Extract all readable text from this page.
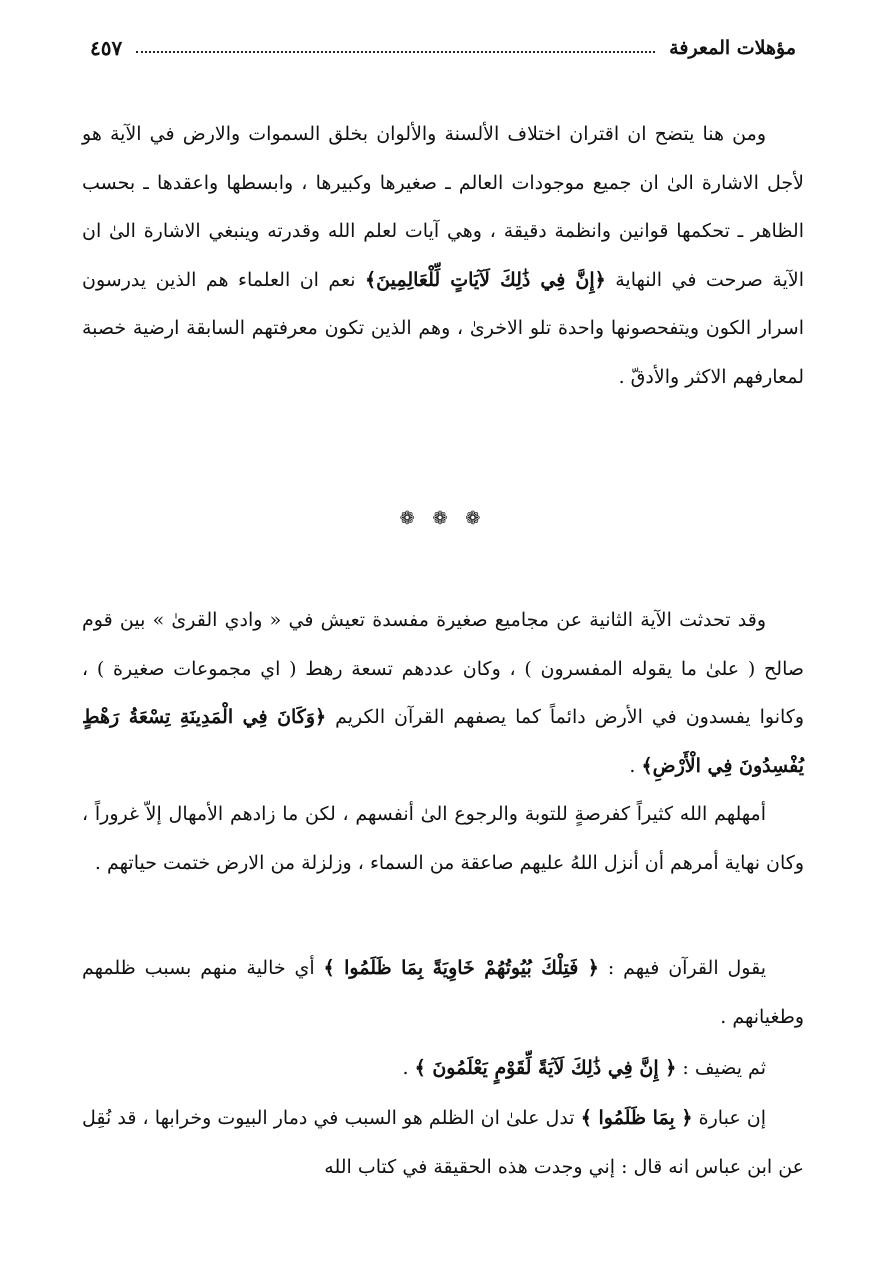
مؤهلات المعرفة
٤٥٧

ومن هنا يتضح ان اقتران اختلاف الألسنة والألوان بخلق السموات والارض في الآية هو لأجل الاشارة الىٰ ان جميع موجودات العالم ـ صغيرها وكبيرها ، وابسطها واعقدها ـ بحسب الظاهر ـ تحكمها قوانين وانظمة دقيقة ، وهي آيات لعلم الله وقدرته وينبغي الاشارة الىٰ ان الآية صرحت في النهاية ﴿إِنَّ فِي ذَٰلِكَ لَآيَاتٍ لِّلْعَالِمِينَ﴾ نعم ان العلماء هم الذين يدرسون اسرار الكون ويتفحصونها واحدة تلو الاخرىٰ ، وهم الذين تكون معرفتهم السابقة ارضية خصبة لمعارفهم الاكثر والأدقّ .

❁ ❁ ❁

وقد تحدثت الآية الثانية عن مجاميع صغيرة مفسدة تعيش في « وادي القرىٰ » بين قوم صالح ( علىٰ ما يقوله المفسرون ) ، وكان عددهم تسعة رهط ( اي مجموعات صغيرة ) ، وكانوا يفسدون في الأرض دائماً كما يصفهم القرآن الكريم ﴿وَكَانَ فِي الْمَدِينَةِ تِسْعَةُ رَهْطٍ يُفْسِدُونَ فِي الْأَرْضِ﴾ .

أمهلهم الله كثيراً كفرصةٍ للتوبة والرجوع الىٰ أنفسهم ، لكن ما زادهم الأمهال إلاّ غروراً ، وكان نهاية أمرهم أن أنزل اللهُ عليهم صاعقة من السماء ، وزلزلة من الارض ختمت حياتهم .

يقول القرآن فيهم : ﴿ فَتِلْكَ بُيُوتُهُمْ خَاوِيَةً بِمَا ظَلَمُوا ﴾ أي خالية منهم بسبب ظلمهم وطغيانهم .

ثم يضيف : ﴿ إِنَّ فِي ذَٰلِكَ لَآيَةً لِّقَوْمٍ يَعْلَمُونَ ﴾ .

إن عبارة ﴿ بِمَا ظَلَمُوا ﴾ تدل علىٰ ان الظلم هو السبب في دمار البيوت وخرابها ، قد نُقِل عن ابن عباس انه قال : إني وجدت هذه الحقيقة في كتاب الله
